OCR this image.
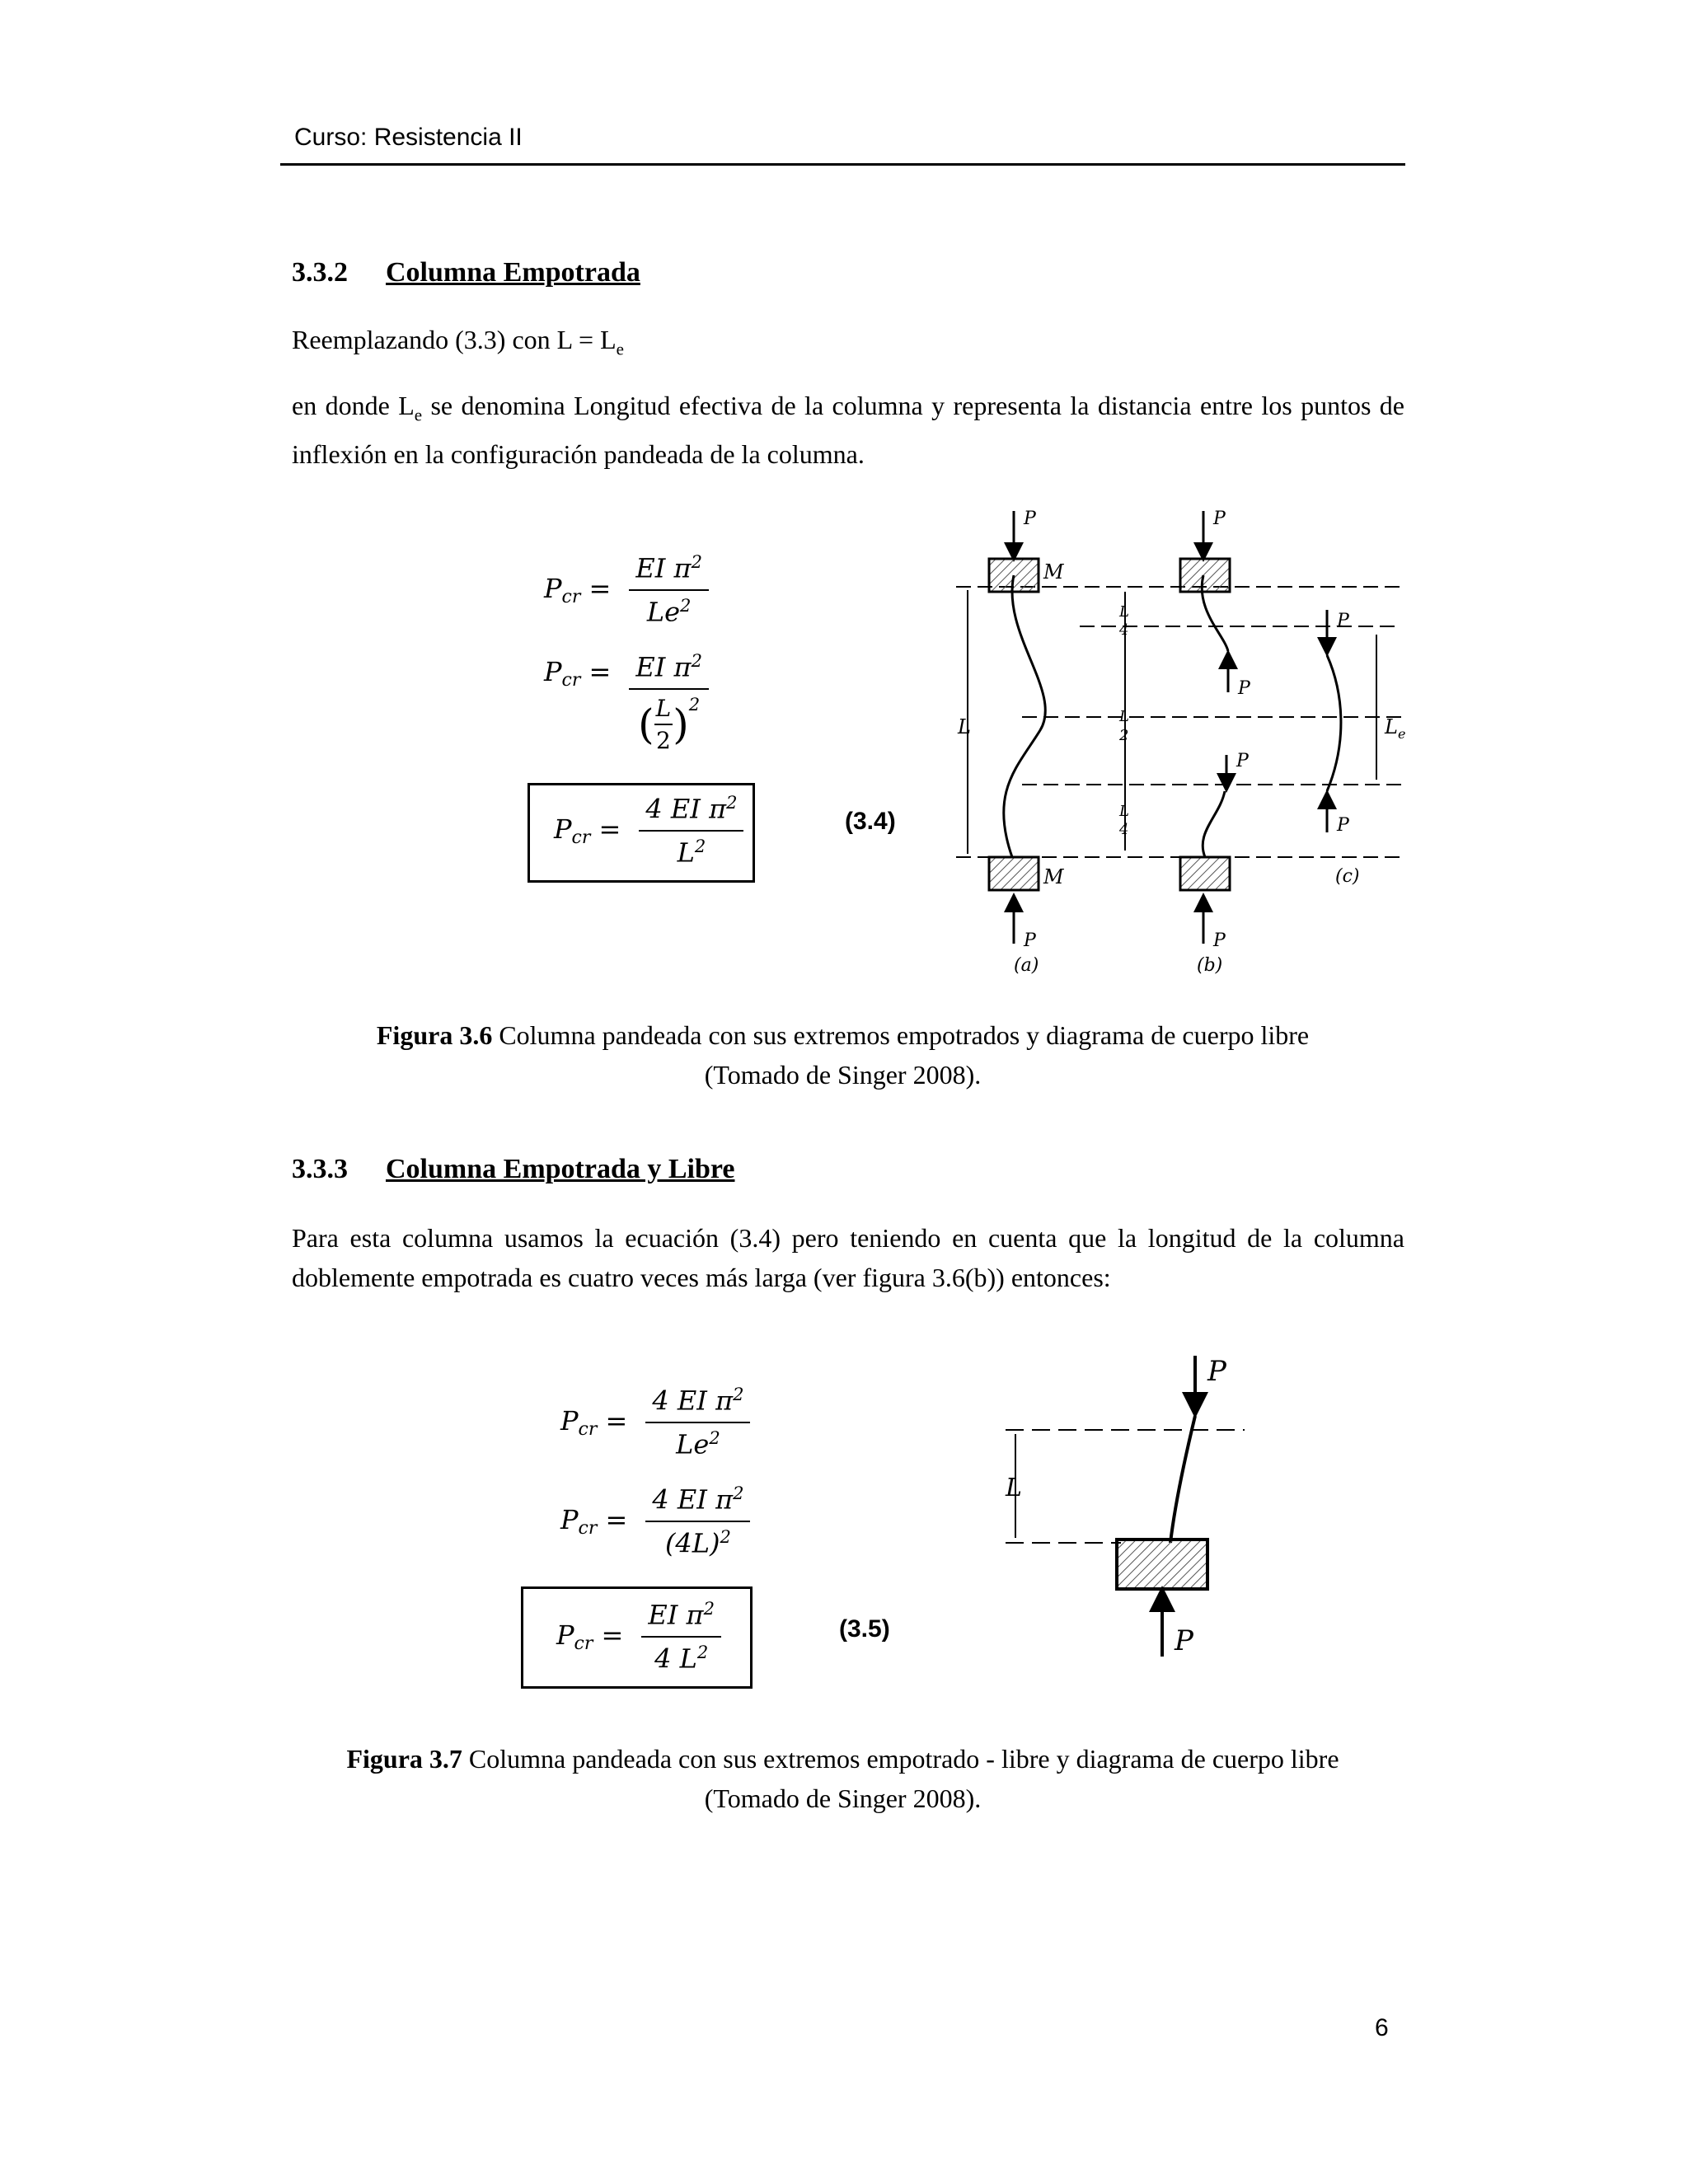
Curso: Resistencia II
3.3.2 Columna Empotrada
Reemplazando (3.3) con $L = L_e$
en donde $L_e$ se denomina Longitud efectiva de la columna y representa la distancia entre los puntos de inflexión en la configuración pandeada de la columna.
$P_{cr} = \frac{EI \pi^2}{Le^2}$
$P_{cr} = \frac{EI \pi^2}{( \frac{L}{2} )^2}$
$P_{cr} = \frac{4 EI \pi^2}{L^2}$	(3.4)
P
M
M
P
(a)
L
L
4
L
2
L
4
P
P
P
P
(b)
P
P
$L_e$
(c)
Figura 3.6 Columna pandeada con sus extremos empotrados y diagrama de cuerpo libre
(Tomado de Singer 2008).
3.3.3 Columna Empotrada y Libre
Para esta columna usamos la ecuación (3.4) pero teniendo en cuenta que la longitud de la columna doblemente empotrada es cuatro veces más larga (ver figura 3.6(b)) entonces:
$P_{cr} = \frac{4 EI \pi^2}{Le^2}$
$P_{cr} = \frac{4 EI \pi^2}{(4L)^2}$
$P_{cr} = \frac{EI \pi^2}{4 L^2}$	(3.5)
P
P
L
Figura 3.7 Columna pandeada con sus extremos empotrado - libre y diagrama de cuerpo libre
(Tomado de Singer 2008).
6
